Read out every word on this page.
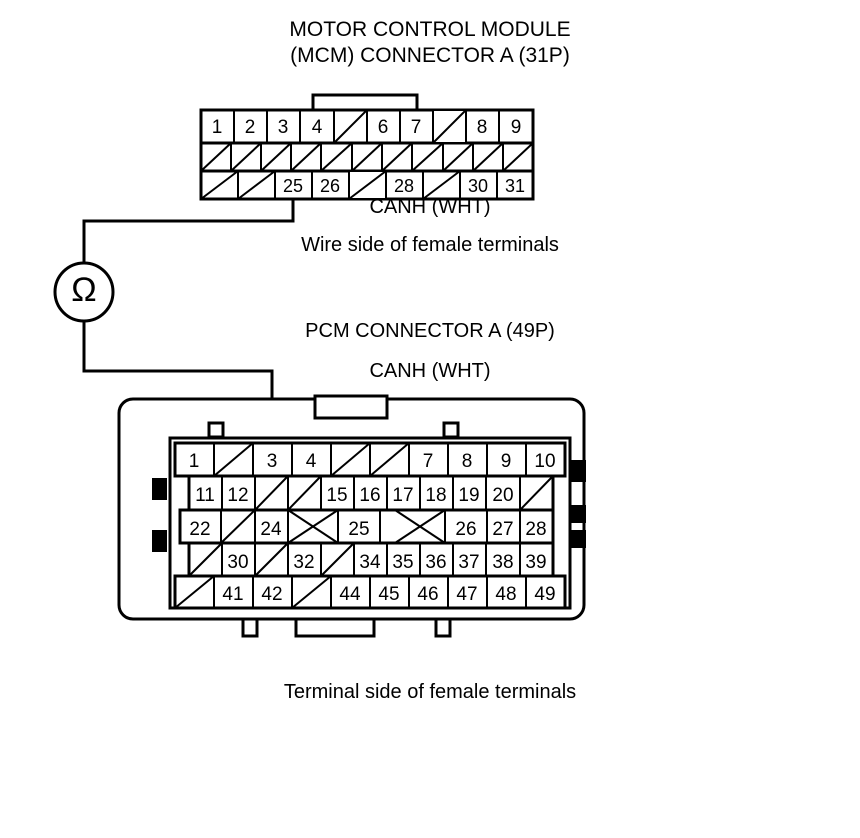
MOTOR CONTROL MODULE
(MCM) CONNECTOR A (31P)
CANH (WHT)
Wire side of female terminals
PCM CONNECTOR A (49P)
CANH (WHT)
Terminal side of female terminals
1 2 3 4	6 7	8 9
25 26	28	30 31
1	3 4	7 8 9 10
11 12	15 16 17 18 19 20
22	24	25	26 27 28
30 32 34 35 36 37 38 39
41 42	44 45 46 47 48 49
Ω
